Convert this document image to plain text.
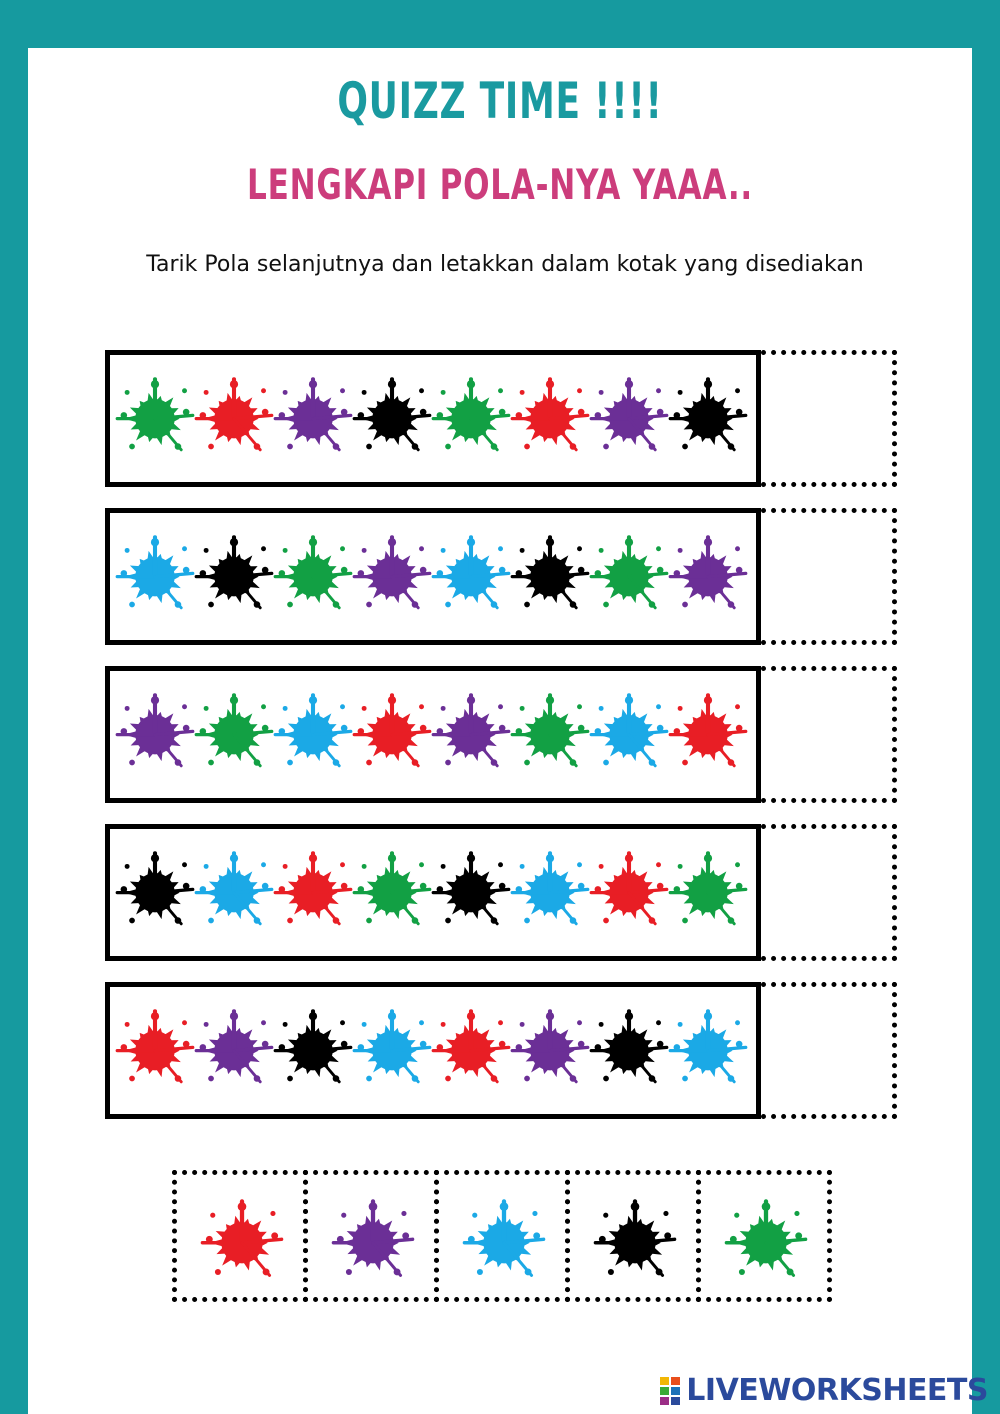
QUIZZ TIME !!!!
LENGKAPI POLA-NYA YAAA..
Tarik Pola selanjutnya dan letakkan dalam kotak yang disediakan
LIVEWORKSHEETS
